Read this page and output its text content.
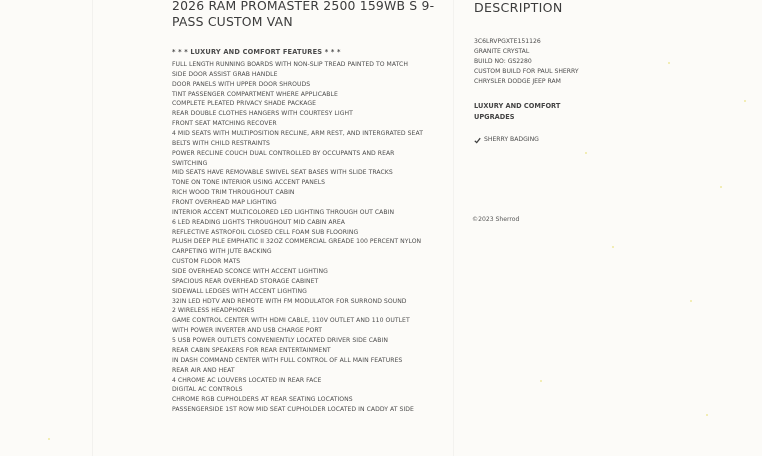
2026 RAM PROMASTER 2500 159WB S 9-PASS CUSTOM VAN
* * * LUXURY AND COMFORT FEATURES * * *
FULL LENGTH RUNNING BOARDS WITH NON-SLIP TREAD PAINTED TO MATCH
SIDE DOOR ASSIST GRAB HANDLE
DOOR PANELS WITH UPPER DOOR SHROUDS
TINT PASSENGER COMPARTMENT WHERE APPLICABLE
COMPLETE PLEATED PRIVACY SHADE PACKAGE
REAR DOUBLE CLOTHES HANGERS WITH COURTESY LIGHT
FRONT SEAT MATCHING RECOVER
4 MID SEATS WITH MULTIPOSITION RECLINE, ARM REST, AND INTERGRATED SEAT
BELTS WITH CHILD RESTRAINTS
POWER RECLINE COUCH DUAL CONTROLLED BY OCCUPANTS AND REAR
SWITCHING
MID SEATS HAVE REMOVABLE SWIVEL SEAT BASES WITH SLIDE TRACKS
TONE ON TONE INTERIOR USING ACCENT PANELS
RICH WOOD TRIM THROUGHOUT CABIN
FRONT OVERHEAD MAP LIGHTING
INTERIOR ACCENT MULTICOLORED LED LIGHTING THROUGH OUT CABIN
6 LED READING LIGHTS THROUGHOUT MID CABIN AREA
REFLECTIVE ASTROFOIL CLOSED CELL FOAM SUB FLOORING
PLUSH DEEP PILE EMPHATIC II 32OZ COMMERCIAL GREADE 100 PERCENT NYLON
CARPETING WITH JUTE BACKING
CUSTOM FLOOR MATS
SIDE OVERHEAD SCONCE WITH ACCENT LIGHTING
SPACIOUS REAR OVERHEAD STORAGE CABINET
SIDEWALL LEDGES WITH ACCENT LIGHTING
32IN LED HDTV AND REMOTE WITH FM MODULATOR FOR SURROND SOUND
2 WIRELESS HEADPHONES
GAME CONTROL CENTER WITH HDMI CABLE, 110V OUTLET AND 110 OUTLET
WITH POWER INVERTER AND USB CHARGE PORT
5 USB POWER OUTLETS CONVENIENTLY LOCATED DRIVER SIDE CABIN
REAR CABIN SPEAKERS FOR REAR ENTERTAINMENT
IN DASH COMMAND CENTER WITH FULL CONTROL OF ALL MAIN FEATURES
REAR AIR AND HEAT
4 CHROME AC LOUVERS LOCATED IN REAR FACE
DIGITAL AC CONTROLS
CHROME RGB CUPHOLDERS AT REAR SEATING LOCATIONS
PASSENGERSIDE 1ST ROW MID SEAT CUPHOLDER LOCATED IN CADDY AT SIDE
DESCRIPTION
3C6LRVPGXTE151126
GRANITE CRYSTAL
BUILD NO: GS2280
CUSTOM BUILD FOR PAUL SHERRY
CHRYSLER DODGE JEEP RAM
LUXURY AND COMFORT UPGRADES
SHERRY BADGING
©2023 Sherrod
